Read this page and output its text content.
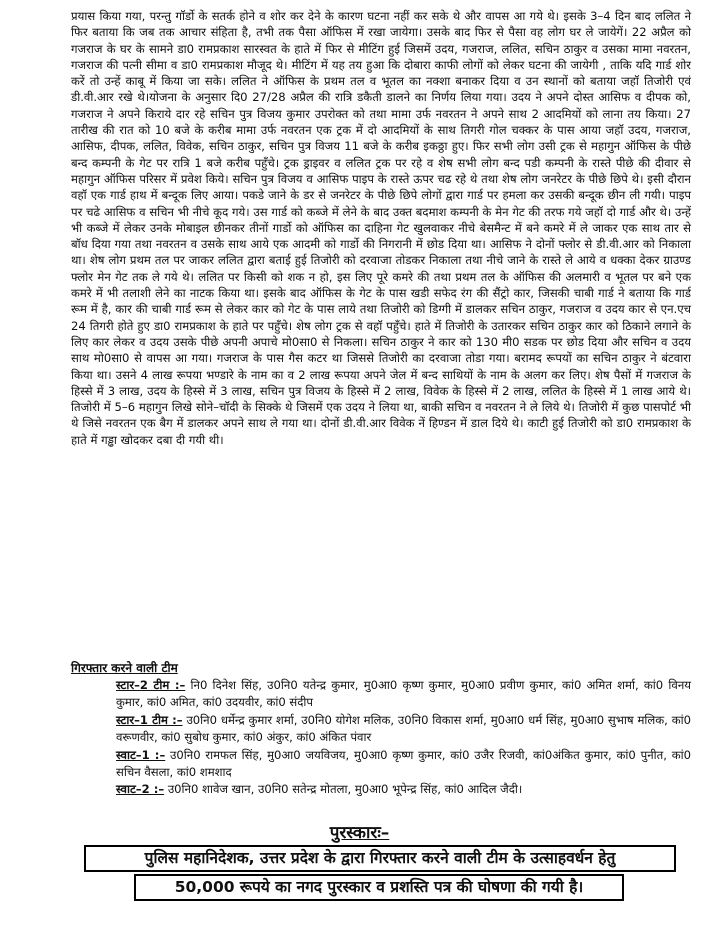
प्रयास किया गया, परन्तु गॉर्डो के सतर्क होने व शोर कर देने के कारण घटना नहीं कर सके थे और वापस आ गये थे। इसके 3–4 दिन बाद ललित ने फिर बताया कि जब तक आचार संहिता है, तभी तक पैसा ऑफिस में रखा जायेगा। उसके बाद फिर से पैसा वह लोग घर ले जायेगें। 22 अप्रैल को गजराज के घर के सामने डा0 रामप्रकाश सारस्वत के हाते में फिर से मीटिंग हुई जिसमें उदय, गजराज, ललित, सचिन ठाकुर व उसका मामा नवरतन, गजराज की पत्नी सीमा व डा0 रामप्रकाश मौजूद थे। मीटिंग में यह तय हुआ कि दोबारा काफी लोगों को लेकर घटना की जायेगी , ताकि यदि गार्ड शोर करें तो उन्हें काबू में किया जा सके। ललित ने ऑफिस के प्रथम तल व भूतल का नक्शा बनाकर दिया व उन स्थानों को बताया जहॉ तिजोरी एवं डी.वी.आर रखे थे।योजना के अनुसार दि0 27/28 अप्रैल की रात्रि डकैती डालने का निर्णय लिया गया। उदय ने अपने दोस्त आसिफ व दीपक को, गजराज ने अपने किराये दार रहे सचिन पुत्र विजय कुमार उपरोक्त को तथा मामा उर्फ नवरतन ने अपने साथ 2 आदमियों को लाना तय किया। 27 तारीख की रात को 10 बजे के करीब मामा उर्फ नवरतन एक ट्रक में दो आदमियों के साथ तिगरी गोल चक्कर के पास आया जहॉ उदय, गजराज, आसिफ, दीपक, ललित, विवेक, सचिन ठाकुर, सचिन पुत्र विजय 11 बजे के करीब इकठ्ठा हुए। फिर सभी लोग उसी ट्रक से महागुन ऑफिस के पीछे बन्द कम्पनी के गेट पर रात्रि 1 बजे करीब पहुँचे। ट्रक ड्राइवर व ललित ट्रक पर रहे व शेष सभी लोग बन्द पडी कम्पनी के रास्ते पीछे की दीवार से महागुन ऑफिस परिसर में प्रवेश किये। सचिन पुत्र विजय व आसिफ पाइप के रास्ते ऊपर चढ रहे थे तथा शेष लोग जनरेटर के पीछे छिपे थे। इसी दौरान वहॉ एक गार्ड हाथ में बन्दूक लिए आया। पकडे जाने के डर से जनरेटर के पीछे छिपे लोगों द्वारा गार्ड पर हमला कर उसकी बन्दूक छीन ली गयी। पाइप पर चढे आसिफ व सचिन भी नीचे कूद गये। उस गार्ड को कब्जे में लेने के बाद उक्त बदमाश कम्पनी के मेन गेट की तरफ गये जहॉ दो गार्ड और थे। उन्हें भी कब्जे में लेकर उनके मोबाइल छीनकर तीनों गार्डो को ऑफिस का दाहिना गेट खुलवाकर नीचे बेसमैन्ट में बने कमरे में ले जाकर एक साथ तार से बॉध दिया गया तथा नवरतन व उसके साथ आये एक आदमी को गार्डो की निगरानी में छोड दिया था। आसिफ ने दोनों फ्लोर से डी.वी.आर को निकाला था। शेष लोग प्रथम तल पर जाकर ललित द्वारा बताई हुई तिजोरी को दरवाजा तोडकर निकाला तथा नीचे जाने के रास्ते ले आये व धक्का देकर ग्राउण्ड फ्लोर मेन गेट तक ले गये थे। ललित पर किसी को शक न हो, इस लिए पूरे कमरे की तथा प्रथम तल के ऑफिस की अलमारी व भूतल पर बने एक कमरे में भी तलाशी लेने का नाटक किया था। इसके बाद ऑफिस के गेट के पास खडी सफेद रंग की सैंट्रो कार, जिसकी चाबी गार्ड ने बताया कि गार्ड रूम में है, कार की चाबी गार्ड रूम से लेकर कार को गेट के पास लाये तथा तिजोरी को डिग्गी में डालकर सचिन ठाकुर, गजराज व उदय कार से एन.एच 24 तिगरी होते हुए डा0 रामप्रकाश के हाते पर पहुँचे। शेष लोग ट्रक से वहॉ पहुँचे। हाते में तिजोरी के उतारकर सचिन ठाकुर कार को ठिकाने लगाने के लिए कार लेकर व उदय उसके पीछे अपनी अपाचे मो0सा0 से निकला। सचिन ठाकुर ने कार को 130 मी0 सडक पर छोड दिया और सचिन व उदय साथ मो0सा0 से वापस आ गया। गजराज के पास गैस कटर था जिससे तिजोरी का दरवाजा तोडा गया। बरामद रूपयों का सचिन ठाकुर ने बंटवारा किया था। उसने 4 लाख रूपया भण्डारे के नाम का व 2 लाख रूपया अपने जेल में बन्द साथियों के नाम के अलग कर लिए। शेष पैसों में गजराज के हिस्से में 3 लाख, उदय के हिस्से में 3 लाख, सचिन पुत्र विजय के हिस्से में 2 लाख, विवेक के हिस्से में 2 लाख, ललित के हिस्से में 1 लाख आये थे। तिजोरी में 5–6 महागुन लिखे सोने–चॉदी के सिक्के थे जिसमें एक उदय ने लिया था, बाकी सचिन व नवरतन ने ले लिये थे। तिजोरी में कुछ पासपोर्ट भी थे जिसे नवरतन एक बैग में डालकर अपने साथ ले गया था। दोनों डी.वी.आर विवेक नें हिण्डन में डाल दिये थे। काटी हुई तिजोरी को डा0 रामप्रकाश के हाते में गड्ढा खोदकर दबा दी गयी थी।

गिरफ्तार करने वाली टीम

स्टार–2 टीम :– नि0 दिनेश सिंह, उ0नि0 यतेन्द्र कुमार, मु0आ0 कृष्ण कुमार, मु0आ0 प्रवीण कुमार, कां0 अमित शर्मा, कां0 विनय कुमार, कां0 अमित, कां0 उदयवीर, कां0 संदीप

स्टार–1 टीम :– उ0नि0 धर्मेन्द्र कुमार शर्मा, उ0नि0 योगेश मलिक, उ0नि0 विकास शर्मा, मु0आ0 धर्म सिंह, मु0आ0 सुभाष मलिक, कां0 वरूणवीर, कां0 सुबोध कुमार, कां0 अंकुर, कां0 अंकित पंवार

स्वाट–1 :– उ0नि0 रामफल सिंह, मु0आ0 जयविजय, मु0आ0 कृष्ण कुमार, कां0 उजैर रिजवी, कां0अंकित कुमार, कां0 पुनीत, कां0 सचिन वैसला, कां0 शमशाद

स्वाट–2 :– उ0नि0 शावेज खान, उ0नि0 सतेन्द्र मोतला, मु0आ0 भूपेन्द्र सिंह, कां0 आदिल जैदी।

पुरस्कारः–

पुलिस महानिदेशक, उत्तर प्रदेश के द्वारा गिरफ्तार करने वाली टीम के उत्साहवर्धन हेतु
50,000 रूपये का नगद पुरस्कार व प्रशस्ति पत्र की घोषणा की गयी है।
